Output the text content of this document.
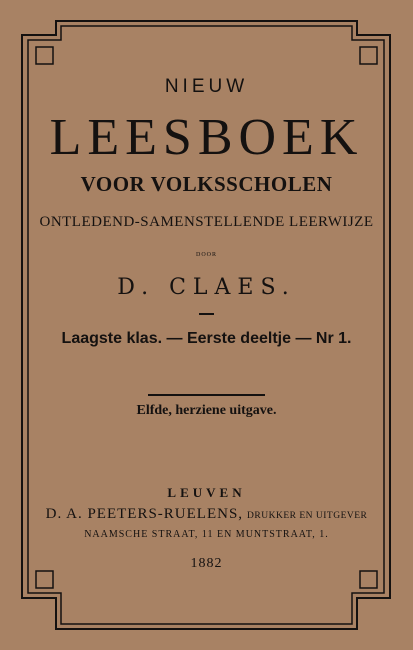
NIEUW
LEESBOEK
VOOR VOLKSSCHOLEN
ONTLEDEND-SAMENSTELLENDE LEERWIJZE
DOOR
D. CLAES.
Laagste klas. — Eerste deeltje — Nr 1.
Elfde, herziene uitgave.
LEUVEN
D. A. PEETERS-RUELENS, DRUKKER EN UITGEVER
NAAMSCHE STRAAT, 11 EN MUNTSTRAAT, 1.
1882
